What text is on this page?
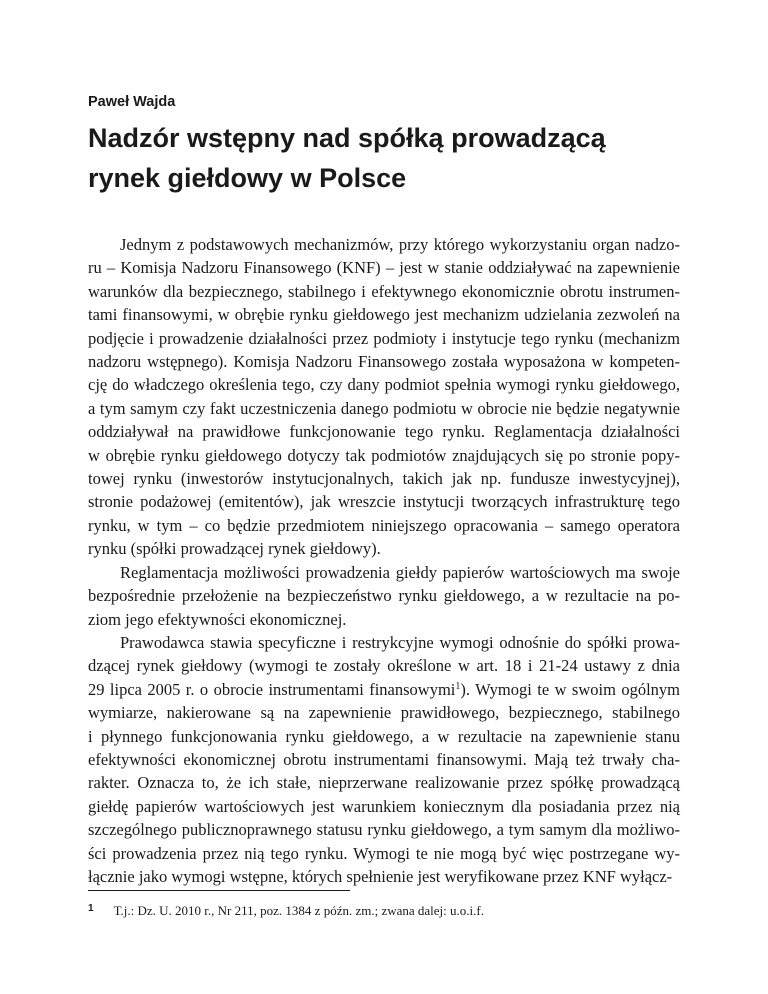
Paweł Wajda
Nadzór wstępny nad spółką prowadzącą
rynek giełdowy w Polsce
Jednym z podstawowych mechanizmów, przy którego wykorzystaniu organ nadzo-
ru – Komisja Nadzoru Finansowego (KNF) – jest w stanie oddziaływać na zapewnienie
warunków dla bezpiecznego, stabilnego i efektywnego ekonomicznie obrotu instrumen-
tami finansowymi, w obrębie rynku giełdowego jest mechanizm udzielania zezwoleń na
podjęcie i prowadzenie działalności przez podmioty i instytucje tego rynku (mechanizm
nadzoru wstępnego). Komisja Nadzoru Finansowego została wyposażona w kompeten-
cję do władczego określenia tego, czy dany podmiot spełnia wymogi rynku giełdowego,
a tym samym czy fakt uczestniczenia danego podmiotu w obrocie nie będzie negatywnie
oddziaływał na prawidłowe funkcjonowanie tego rynku. Reglamentacja działalności
w obrębie rynku giełdowego dotyczy tak podmiotów znajdujących się po stronie popy-
towej rynku (inwestorów instytucjonalnych, takich jak np. fundusze inwestycyjnej),
stronie podażowej (emitentów), jak wreszcie instytucji tworzących infrastrukturę tego
rynku, w tym – co będzie przedmiotem niniejszego opracowania – samego operatora
rynku (spółki prowadzącej rynek giełdowy).
Reglamentacja możliwości prowadzenia giełdy papierów wartościowych ma swoje
bezpośrednie przełożenie na bezpieczeństwo rynku giełdowego, a w rezultacie na po-
ziom jego efektywności ekonomicznej.
Prawodawca stawia specyficzne i restrykcyjne wymogi odnośnie do spółki prowa-
dzącej rynek giełdowy (wymogi te zostały określone w art. 18 i 21-24 ustawy z dnia
29 lipca 2005 r. o obrocie instrumentami finansowymi$^1$). Wymogi te w swoim ogólnym
wymiarze, nakierowane są na zapewnienie prawidłowego, bezpiecznego, stabilnego
i płynnego funkcjonowania rynku giełdowego, a w rezultacie na zapewnienie stanu
efektywności ekonomicznej obrotu instrumentami finansowymi. Mają też trwały cha-
rakter. Oznacza to, że ich stałe, nieprzerwane realizowanie przez spółkę prowadzącą
giełdę papierów wartościowych jest warunkiem koniecznym dla posiadania przez nią
szczególnego publicznoprawnego statusu rynku giełdowego, a tym samym dla możliwo-
ści prowadzenia przez nią tego rynku. Wymogi te nie mogą być więc postrzegane wy-
łącznie jako wymogi wstępne, których spełnienie jest weryfikowane przez KNF wyłącz-
$^1$ T.j.: Dz. U. 2010 r., Nr 211, poz. 1384 z późn. zm.; zwana dalej: u.o.i.f.
